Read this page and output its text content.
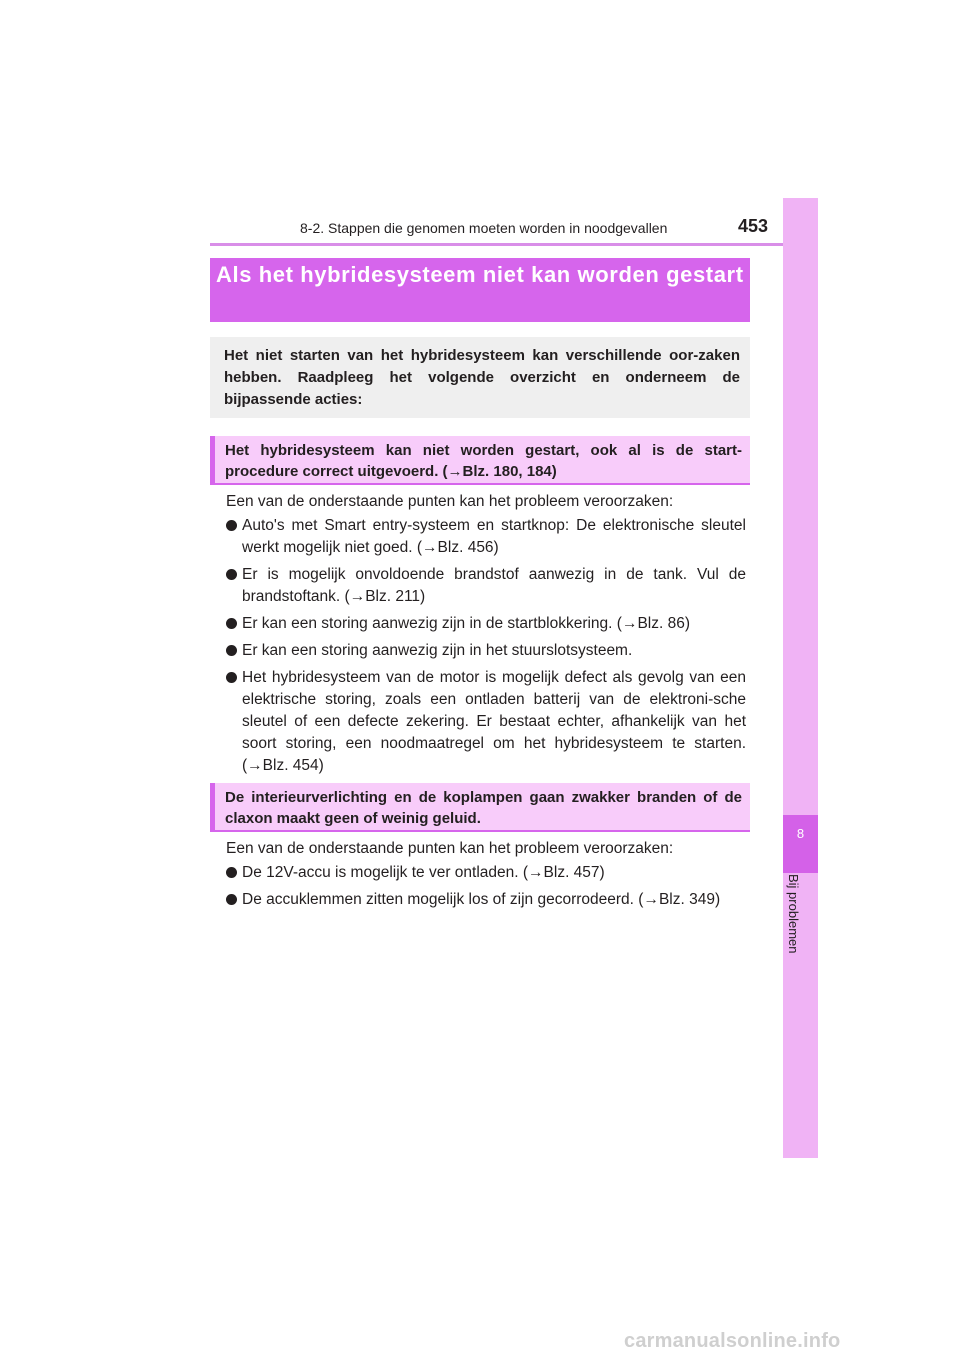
8-2. Stappen die genomen moeten worden in noodgevallen	453
8
Bij problemen
Als het hybridesysteem niet kan worden gestart
Het niet starten van het hybridesysteem kan verschillende oor-zaken hebben. Raadpleeg het volgende overzicht en onderneem de bijpassende acties:
Het hybridesysteem kan niet worden gestart, ook al is de start-procedure correct uitgevoerd. (→Blz. 180, 184)
Een van de onderstaande punten kan het probleem veroorzaken:
Auto's met Smart entry-systeem en startknop: De elektronische sleutel werkt mogelijk niet goed. (→Blz. 456)
Er is mogelijk onvoldoende brandstof aanwezig in de tank. Vul de brandstoftank. (→Blz. 211)
Er kan een storing aanwezig zijn in de startblokkering. (→Blz. 86)
Er kan een storing aanwezig zijn in het stuurslotsysteem.
Het hybridesysteem van de motor is mogelijk defect als gevolg van een elektrische storing, zoals een ontladen batterij van de elektroni-sche sleutel of een defecte zekering. Er bestaat echter, afhankelijk van het soort storing, een noodmaatregel om het hybridesysteem te starten. (→Blz. 454)
De interieurverlichting en de koplampen gaan zwakker branden of de claxon maakt geen of weinig geluid.
Een van de onderstaande punten kan het probleem veroorzaken:
De 12V-accu is mogelijk te ver ontladen. (→Blz. 457)
De accuklemmen zitten mogelijk los of zijn gecorrodeerd. (→Blz. 349)
carmanualsonline.info
